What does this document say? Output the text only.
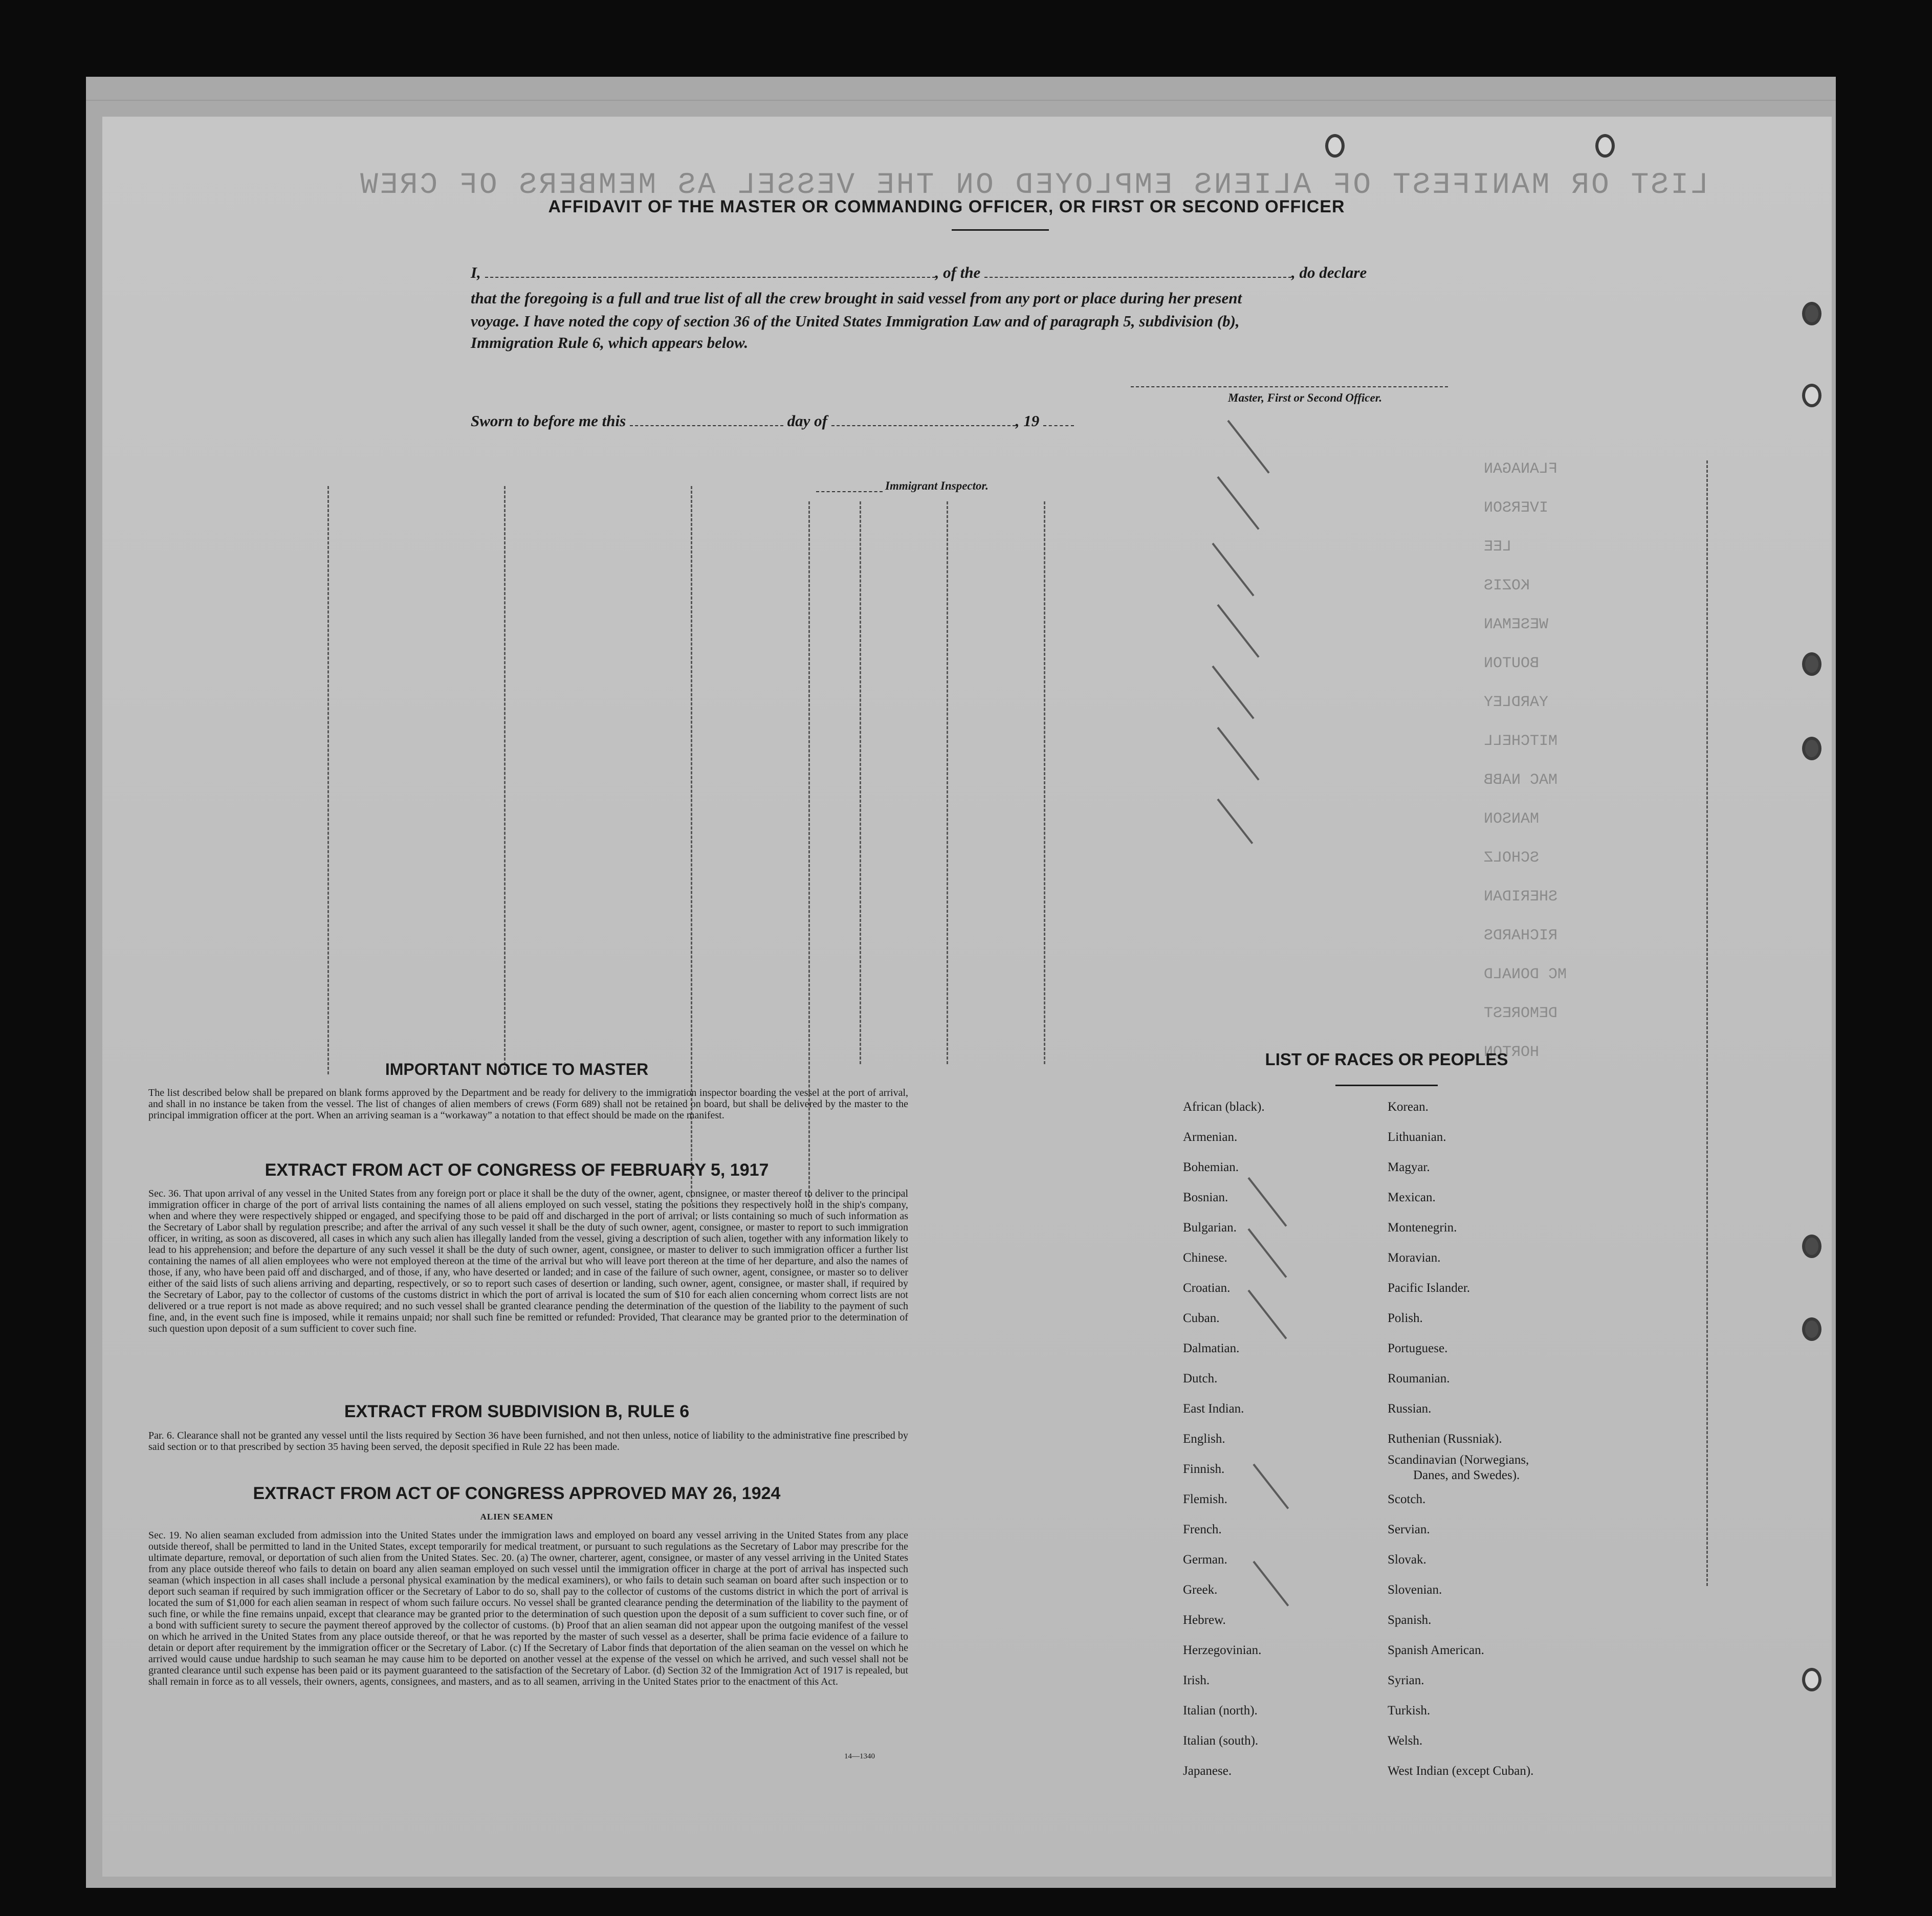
LIST OR MANIFEST OF ALIENS EMPLOYED ON THE VESSEL AS MEMBERS OF CREW
FLANAGAN
IVERSON
LEE
KOZIS
WESEMAN
BOUTON
YARDLEY
MITCHELL
MAC NABB
MANSON
SCHOLZ
SHERIDAN
RICHARDS
MC DONALD
DEMOREST
HORTON
AFFIDAVIT OF THE MASTER OR COMMANDING OFFICER, OR FIRST OR SECOND OFFICER
I,	, of the	, do declare
that the foregoing is a full and true list of all the crew brought in said vessel from any port or place during her present
voyage. I have noted the copy of section 36 of the United States Immigration Law and of paragraph 5, subdivision (b),
Immigration Rule 6, which appears below.
Master, First or Second Officer.
Sworn to before me this	day of	, 19
Immigrant Inspector.
IMPORTANT NOTICE TO MASTER
The list described below shall be prepared on blank forms approved by the Department and be ready for delivery to the immigration inspector boarding the vessel at the port of arrival, and shall in no instance be taken from the vessel. The list of changes of alien members of crews (Form 689) shall not be retained on board, but shall be delivered by the master to the principal immigration officer at the port. When an arriving seaman is a “workaway” a notation to that effect should be made on the manifest.
EXTRACT FROM ACT OF CONGRESS OF FEBRUARY 5, 1917
Sec. 36. That upon arrival of any vessel in the United States from any foreign port or place it shall be the duty of the owner, agent, consignee, or master thereof to deliver to the principal immigration officer in charge of the port of arrival lists containing the names of all aliens employed on such vessel, stating the positions they respectively hold in the ship's company, when and where they were respectively shipped or engaged, and specifying those to be paid off and discharged in the port of arrival; or lists containing so much of such information as the Secretary of Labor shall by regulation prescribe; and after the arrival of any such vessel it shall be the duty of such owner, agent, consignee, or master to report to such immigration officer, in writing, as soon as discovered, all cases in which any such alien has illegally landed from the vessel, giving a description of such alien, together with any information likely to lead to his apprehension; and before the departure of any such vessel it shall be the duty of such owner, agent, consignee, or master to deliver to such immigration officer a further list containing the names of all alien employees who were not employed thereon at the time of the arrival but who will leave port thereon at the time of her departure, and also the names of those, if any, who have been paid off and discharged, and of those, if any, who have deserted or landed; and in case of the failure of such owner, agent, consignee, or master so to deliver either of the said lists of such aliens arriving and departing, respectively, or so to report such cases of desertion or landing, such owner, agent, consignee, or master shall, if required by the Secretary of Labor, pay to the collector of customs of the customs district in which the port of arrival is located the sum of $10 for each alien concerning whom correct lists are not delivered or a true report is not made as above required; and no such vessel shall be granted clearance pending the determination of the question of the liability to the payment of such fine, and, in the event such fine is imposed, while it remains unpaid; nor shall such fine be remitted or refunded: Provided, That clearance may be granted prior to the determination of such question upon deposit of a sum sufficient to cover such fine.
EXTRACT FROM SUBDIVISION B, RULE 6
Par. 6. Clearance shall not be granted any vessel until the lists required by Section 36 have been furnished, and not then unless, notice of liability to the administrative fine prescribed by said section or to that prescribed by section 35 having been served, the deposit specified in Rule 22 has been made.
EXTRACT FROM ACT OF CONGRESS APPROVED MAY 26, 1924
ALIEN SEAMEN
Sec. 19. No alien seaman excluded from admission into the United States under the immigration laws and employed on board any vessel arriving in the United States from any place outside thereof, shall be permitted to land in the United States, except temporarily for medical treatment, or pursuant to such regulations as the Secretary of Labor may prescribe for the ultimate departure, removal, or deportation of such alien from the United States. Sec. 20. (a) The owner, charterer, agent, consignee, or master of any vessel arriving in the United States from any place outside thereof who fails to detain on board any alien seaman employed on such vessel until the immigration officer in charge at the port of arrival has inspected such seaman (which inspection in all cases shall include a personal physical examination by the medical examiners), or who fails to detain such seaman on board after such inspection or to deport such seaman if required by such immigration officer or the Secretary of Labor to do so, shall pay to the collector of customs of the customs district in which the port of arrival is located the sum of $1,000 for each alien seaman in respect of whom such failure occurs. No vessel shall be granted clearance pending the determination of the liability to the payment of such fine, or while the fine remains unpaid, except that clearance may be granted prior to the determination of such question upon the deposit of a sum sufficient to cover such fine, or of a bond with sufficient surety to secure the payment thereof approved by the collector of customs. (b) Proof that an alien seaman did not appear upon the outgoing manifest of the vessel on which he arrived in the United States from any place outside thereof, or that he was reported by the master of such vessel as a deserter, shall be prima facie evidence of a failure to detain or deport after requirement by the immigration officer or the Secretary of Labor. (c) If the Secretary of Labor finds that deportation of the alien seaman on the vessel on which he arrived would cause undue hardship to such seaman he may cause him to be deported on another vessel at the expense of the vessel on which he arrived, and such vessel shall not be granted clearance until such expense has been paid or its payment guaranteed to the satisfaction of the Secretary of Labor. (d) Section 32 of the Immigration Act of 1917 is repealed, but shall remain in force as to all vessels, their owners, agents, consignees, and masters, and as to all seamen, arriving in the United States prior to the enactment of this Act.
14—1340
LIST OF RACES OR PEOPLES
African (black).
Armenian.
Bohemian.
Bosnian.
Bulgarian.
Chinese.
Croatian.
Cuban.
Dalmatian.
Dutch.
East Indian.
English.
Finnish.
Flemish.
French.
German.
Greek.
Hebrew.
Herzegovinian.
Irish.
Italian (north).
Italian (south).
Japanese.
Korean.
Lithuanian.
Magyar.
Mexican.
Montenegrin.
Moravian.
Pacific Islander.
Polish.
Portuguese.
Roumanian.
Russian.
Ruthenian (Russniak).
Scandinavian (Norwegians,
Danes, and Swedes).
Scotch.
Servian.
Slovak.
Slovenian.
Spanish.
Spanish American.
Syrian.
Turkish.
Welsh.
West Indian (except Cuban).
